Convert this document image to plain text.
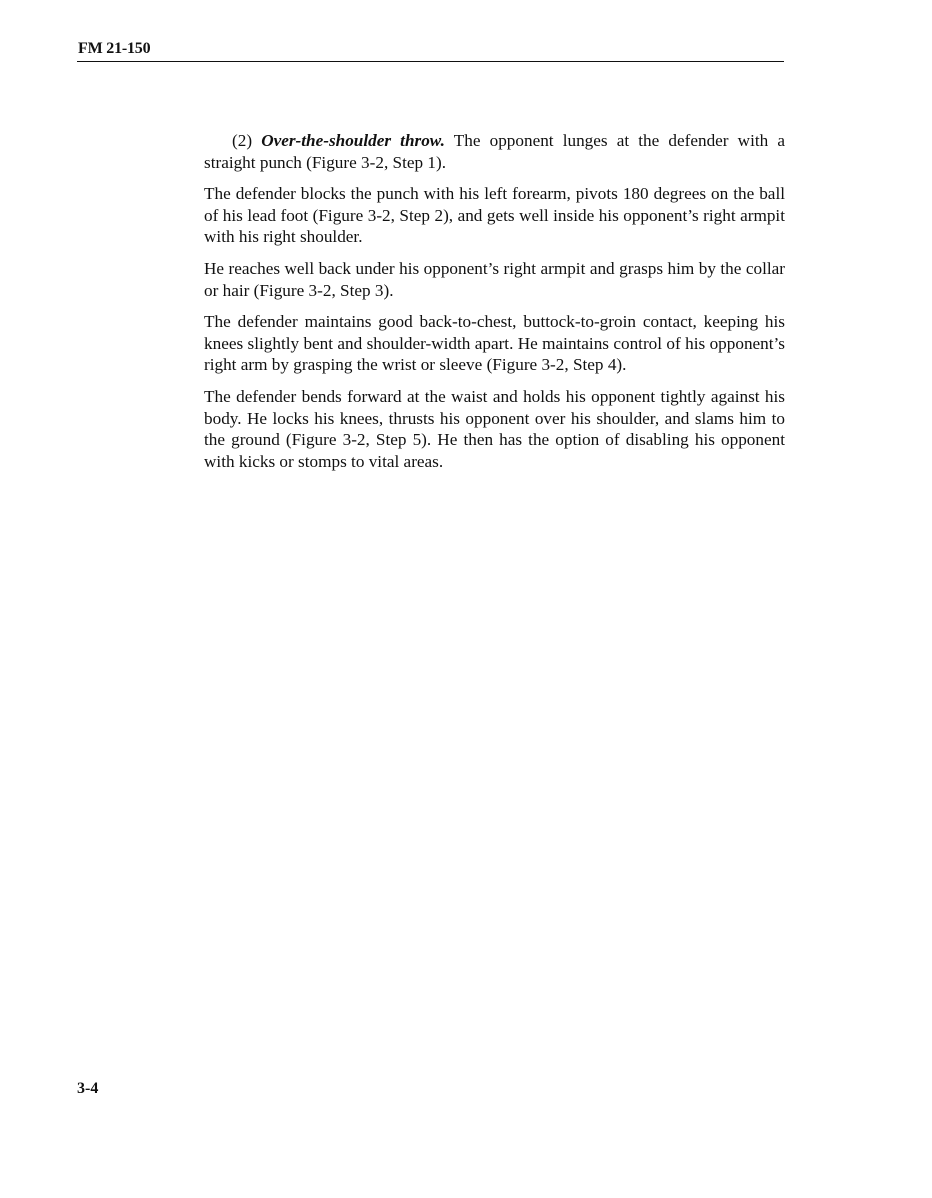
FM 21-150

(2) Over-the-shoulder throw. The opponent lunges at the defender with a straight punch (Figure 3-2, Step 1).

The defender blocks the punch with his left forearm, pivots 180 degrees on the ball of his lead foot (Figure 3-2, Step 2), and gets well inside his opponent’s right armpit with his right shoulder.

He reaches well back under his opponent’s right armpit and grasps him by the collar or hair (Figure 3-2, Step 3).

The defender maintains good back-to-chest, buttock-to-groin contact, keeping his knees slightly bent and shoulder-width apart. He maintains control of his opponent’s right arm by grasping the wrist or sleeve (Figure 3-2, Step 4).

The defender bends forward at the waist and holds his opponent tightly against his body. He locks his knees, thrusts his opponent over his shoulder, and slams him to the ground (Figure 3-2, Step 5). He then has the option of disabling his opponent with kicks or stomps to vital areas.

3-4
